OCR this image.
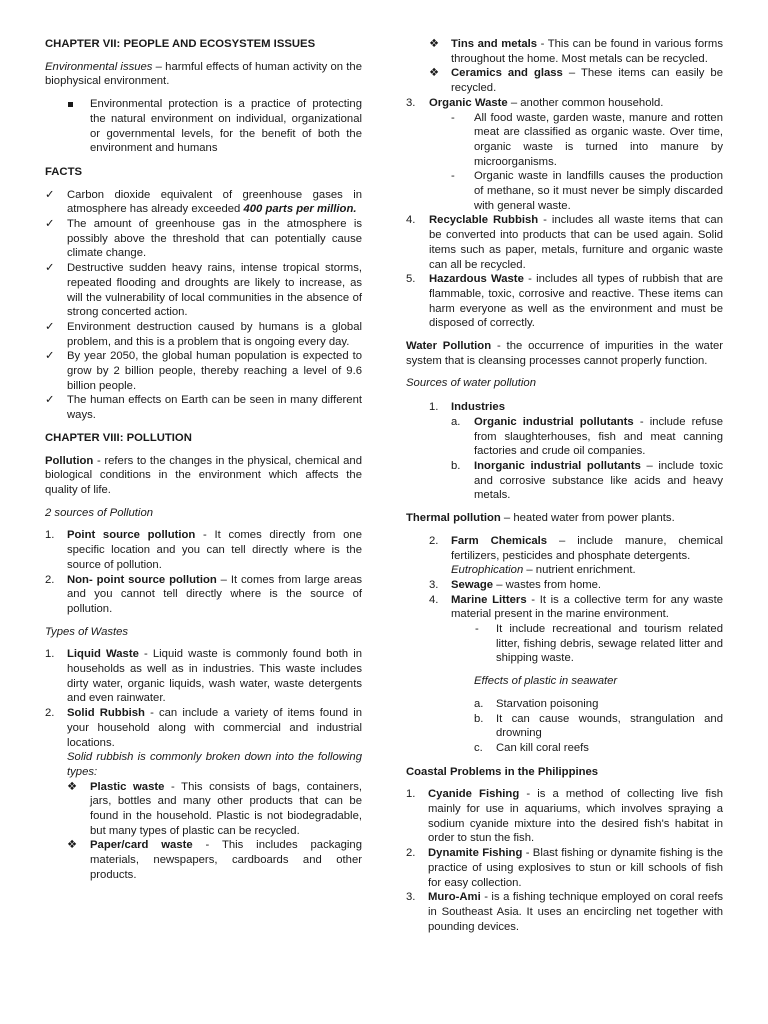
CHAPTER VII: PEOPLE AND ECOSYSTEM ISSUES

Environmental issues – harmful effects of human activity on the biophysical environment.

Environmental protection is a practice of protecting the natural environment on individual, organizational or governmental levels, for the benefit of both the environment and humans

FACTS

✓ Carbon dioxide equivalent of greenhouse gases in atmosphere has already exceeded 400 parts per million.
✓ The amount of greenhouse gas in the atmosphere is possibly above the threshold that can potentially cause climate change.
✓ Destructive sudden heavy rains, intense tropical storms, repeated flooding and droughts are likely to increase, as will the vulnerability of local communities in the absence of strong concerted action.
✓ Environment destruction caused by humans is a global problem, and this is a problem that is ongoing every day.
✓ By year 2050, the global human population is expected to grow by 2 billion people, thereby reaching a level of 9.6 billion people.
✓ The human effects on Earth can be seen in many different ways.

CHAPTER VIII: POLLUTION

Pollution - refers to the changes in the physical, chemical and biological conditions in the environment which affects the quality of life.

2 sources of Pollution

1. Point source pollution - It comes directly from one specific location and you can tell directly where is the source of pollution.
2. Non- point source pollution – It comes from large areas and you cannot tell directly where is the source of pollution.

Types of Wastes

1. Liquid Waste - Liquid waste is commonly found both in households as well as in industries. This waste includes dirty water, organic liquids, wash water, waste detergents and even rainwater.
2. Solid Rubbish - can include a variety of items found in your household along with commercial and industrial locations.

Solid rubbish is commonly broken down into the following types:

❖ Plastic waste - This consists of bags, containers, jars, bottles and many other products that can be found in the household. Plastic is not biodegradable, but many types of plastic can be recycled.
❖ Paper/card waste - This includes packaging materials, newspapers, cardboards and other products.
❖ Tins and metals - This can be found in various forms throughout the home. Most metals can be recycled.
❖ Ceramics and glass – These items can easily be recycled.
3. Organic Waste – another common household.
- All food waste, garden waste, manure and rotten meat are classified as organic waste. Over time, organic waste is turned into manure by microorganisms.
- Organic waste in landfills causes the production of methane, so it must never be simply discarded with general waste.
4. Recyclable Rubbish - includes all waste items that can be converted into products that can be used again. Solid items such as paper, metals, furniture and organic waste can all be recycled.
5. Hazardous Waste - includes all types of rubbish that are flammable, toxic, corrosive and reactive. These items can harm everyone as well as the environment and must be disposed of correctly.

Water Pollution - the occurrence of impurities in the water system that is cleansing processes cannot properly function.

Sources of water pollution

1. Industries
a. Organic industrial pollutants - include refuse from slaughterhouses, fish and meat canning factories and crude oil companies.
b. Inorganic industrial pollutants – include toxic and corrosive substance like acids and heavy metals.

Thermal pollution – heated water from power plants.

2. Farm Chemicals – include manure, chemical fertilizers, pesticides and phosphate detergents.

Eutrophication – nutrient enrichment.

3. Sewage – wastes from home.
4. Marine Litters - It is a collective term for any waste material present in the marine environment.
- It include recreational and tourism related litter, fishing debris, sewage related litter and shipping waste.

Effects of plastic in seawater

a. Starvation poisoning
b. It can cause wounds, strangulation and drowning
c. Can kill coral reefs

Coastal Problems in the Philippines

1. Cyanide Fishing - is a method of collecting live fish mainly for use in aquariums, which involves spraying a sodium cyanide mixture into the desired fish's habitat in order to stun the fish.
2. Dynamite Fishing - Blast fishing or dynamite fishing is the practice of using explosives to stun or kill schools of fish for easy collection.
3. Muro-Ami - is a fishing technique employed on coral reefs in Southeast Asia. It uses an encircling net together with pounding devices.
